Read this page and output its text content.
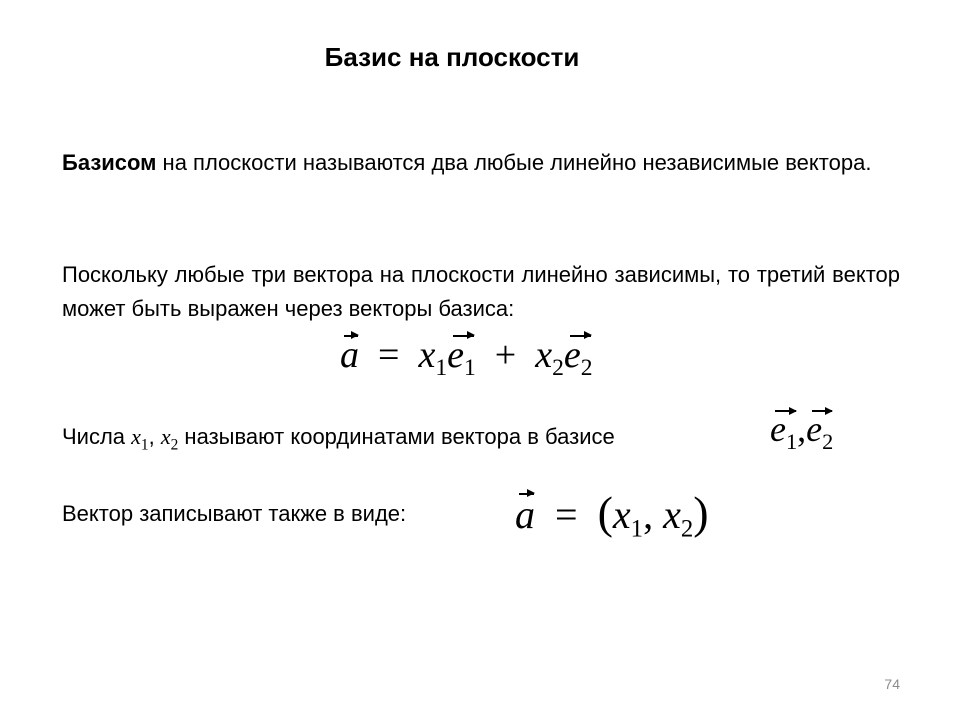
Базис на плоскости
Базисом на плоскости называются два любые линейно независимые вектора.
Поскольку любые три вектора на плоскости линейно зависимы, то третий вектор может быть выражен через векторы базиса:
$a = x_1e_1 + x_2e_2$
Числа $x_1$, $x_2$ называют координатами вектора в базисе	$e_1,e_2$
Вектор записывают также в виде:	$a = (x_1$, $x_2$)
74
